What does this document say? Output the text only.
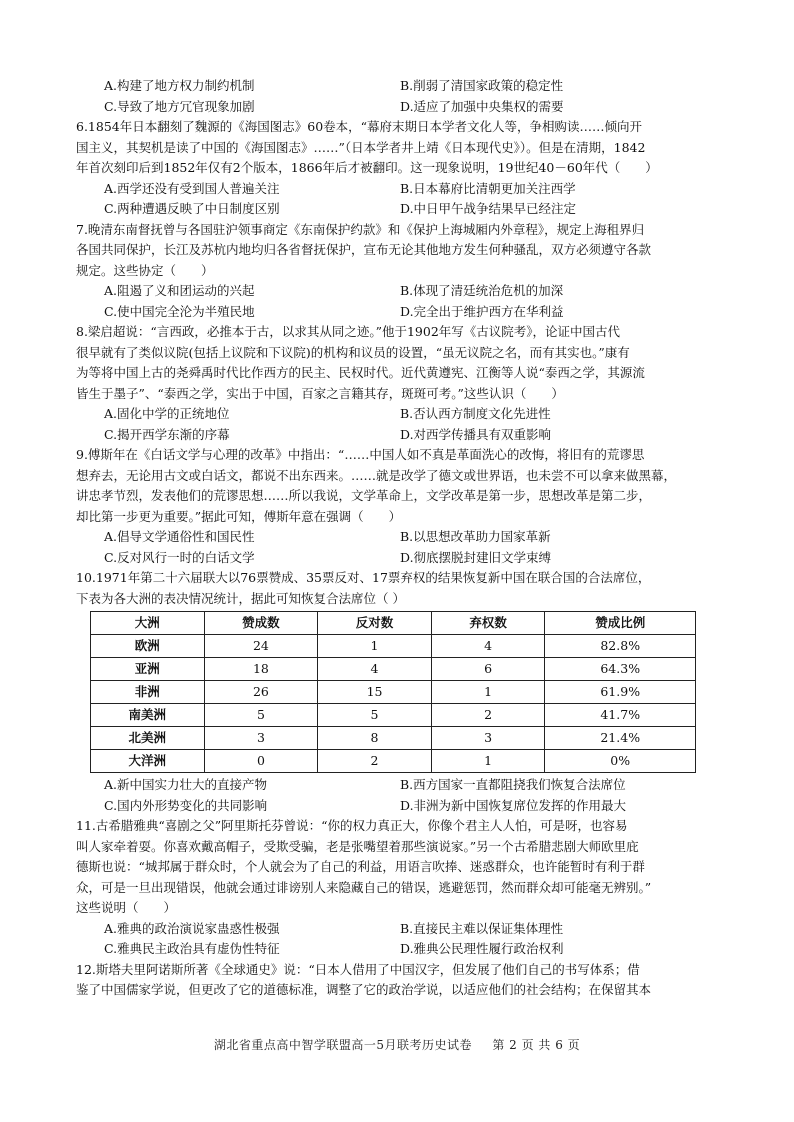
A.构建了地方权力制约机制	B.削弱了清国家政策的稳定性
C.导致了地方冗官现象加剧	D.适应了加强中央集权的需要
6.1854年日本翻刻了魏源的《海国图志》60卷本，“幕府末期日本学者文化人等，争相购读……倾向开
国主义，其契机是读了中国的《海国图志》……”（日本学者井上靖《日本现代史》）。但是在清期，1842
年首次刻印后到1852年仅有2个版本，1866年后才被翻印。这一现象说明，19世纪40－60年代（　　）
A.西学还没有受到国人普遍关注	B.日本幕府比清朝更加关注西学
C.两种遭遇反映了中日制度区别	D.中日甲午战争结果早已经注定
7.晚清东南督抚曾与各国驻沪领事商定《东南保护约款》和《保护上海城厢内外章程》，规定上海租界归
各国共同保护，长江及苏杭内地均归各省督抚保护，宣布无论其他地方发生何种骚乱，双方必须遵守各款
规定。这些协定（　　）
A.阻遏了义和团运动的兴起	B.体现了清廷统治危机的加深
C.使中国完全沦为半殖民地	D.完全出于维护西方在华利益
8.梁启超说：“言西政，必推本于古，以求其从同之迹。”他于1902年写《古议院考》，论证中国古代
很早就有了类似议院(包括上议院和下议院)的机构和议员的设置，“虽无议院之名，而有其实也。”康有
为等将中国上古的尧舜禹时代比作西方的民主、民权时代。近代黄遵宪、江衡等人说“泰西之学，其源流
皆生于墨子”、“泰西之学，实出于中国，百家之言籍其存，斑斑可考。”这些认识（　　）
A.固化中学的正统地位	B.否认西方制度文化先进性
C.揭开西学东渐的序幕	D.对西学传播具有双重影响
9.傅斯年在《白话文学与心理的改革》中指出：“……中国人如不真是革面洗心的改悔，将旧有的荒谬思
想弃去，无论用古文或白话文，都说不出东西来。……就是改学了德文或世界语，也未尝不可以拿来做黑幕，
讲忠孝节烈，发表他们的荒谬思想……所以我说，文学革命上，文学改革是第一步，思想改革是第二步，
却比第一步更为重要。”据此可知，傅斯年意在强调（　　）
A.倡导文学通俗性和国民性	B.以思想改革助力国家革新
C.反对风行一时的白话文学	D.彻底摆脱封建旧文学束缚
10.1971年第二十六届联大以76票赞成、35票反对、17票弃权的结果恢复新中国在联合国的合法席位，
下表为各大洲的表决情况统计，据此可知恢复合法席位（ ）
大洲	赞成数	反对数	弃权数	赞成比例
欧洲	24	1	4	82.8%
亚洲	18	4	6	64.3%
非洲	26	15	1	61.9%
南美洲	5	5	2	41.7%
北美洲	3	8	3	21.4%
大洋洲	0	2	1	0%
A.新中国实力壮大的直接产物	B.西方国家一直都阻挠我们恢复合法席位
C.国内外形势变化的共同影响	D.非洲为新中国恢复席位发挥的作用最大
11.古希腊雅典“喜剧之父”阿里斯托芬曾说：“你的权力真正大，你像个君主人人怕，可是呀，也容易
叫人家牵着耍。你喜欢戴高帽子，受欺受骗，老是张嘴望着那些演说家。”另一个古希腊悲剧大师欧里庇
德斯也说：“城邦属于群众时，个人就会为了自己的利益，用语言吹捧、迷惑群众，也许能暂时有利于群
众，可是一旦出现错误，他就会通过诽谤别人来隐藏自己的错误，逃避惩罚，然而群众却可能毫无辨别。”
这些说明（　　）
A.雅典的政治演说家蛊惑性极强	B.直接民主难以保证集体理性
C.雅典民主政治具有虚伪性特征	D.雅典公民理性履行政治权利
12.斯塔夫里阿诺斯所著《全球通史》说：“日本人借用了中国汉字，但发展了他们自己的书写体系；借
鉴了中国儒家学说，但更改了它的道德标准，调整了它的政治学说，以适应他们的社会结构；在保留其本
湖北省重点高中智学联盟高一5月联考历史试卷 第 2 页 共 6 页
